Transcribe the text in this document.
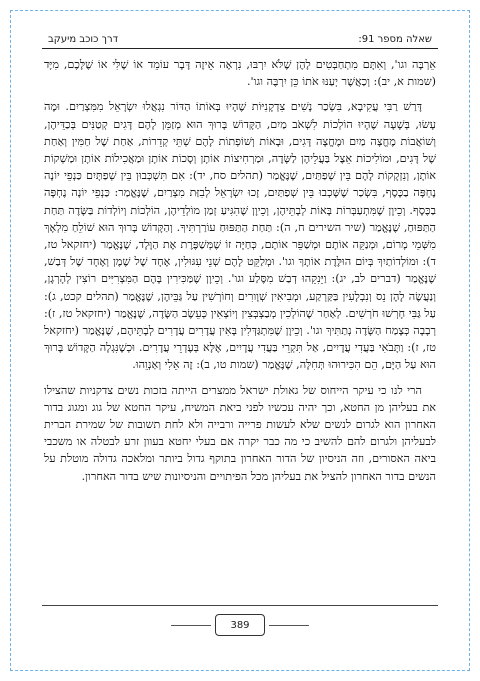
שאלה מספר 91:
דרך כוכב מיעקב

אֵרְבָּה וגו', וְאִתָּם מִתְחַבְּטִים לָהֶן שֶׁלֹּא יִרְבּוּ, נִרְאֶה אֵיזֶה דָּבָר עוֹמֵד אוֹ שֶׁלִּי אוֹ שֶׁלָּכֶם, מִיָּד (שמות א, יב): וְכַאֲשֶׁר יְעַנּוּ אֹתוֹ כֵּן יִרְבֶּה וגו'.

דָּרַשׁ רַבִּי עֲקִיבָא, בִּשְׂכַר נָשִׁים צִדְקָנִיּוֹת שֶׁהָיוּ בְּאוֹתוֹ הַדּוֹר נִגְאֲלוּ יִשְׂרָאֵל מִמִּצְרַיִם. וּמֶה עָשׂוּ, בְּשָׁעָה שֶׁהָיוּ הוֹלְכוֹת לִשְׁאֹב מַיִם, הַקָּדוֹשׁ בָּרוּךְ הוּא מְזַמֵּן לָהֶם דָּגִים קְטַנִּים בְּכַדֵּיהֶן, וְשׁוֹאֲבוֹת מֶחֱצָה מַיִם וּמֶחֱצָה דָּגִים, וּבָאוֹת וְשׁוֹפְתוֹת לָהֶם שְׁתֵּי קְדֵרוֹת, אַחַת שֶׁל חַמִּין וְאַחַת שֶׁל דָּגִים, וּמוֹלִיכוֹת אֵצֶל בַּעֲלֵיהֶן לַשָּׂדֶה, וּמַרְחִיצוֹת אוֹתָן וְסָכוֹת אוֹתָן וּמַאֲכִילוֹת אוֹתָן וּמַשְׁקוֹת אוֹתָן, וְנִזְקָקוֹת לָהֶם בֵּין שְׁפַתַּיִם, שֶׁנֶּאֱמַר (תהלים סח, יד): אִם תִּשְׁכְּבוּן בֵּין שְׁפַתָּיִם כַּנְפֵי יוֹנָה נֶחְפָּה בַכֶּסֶף, בִּשְׂכַר שֶׁשָּׁכְבוּ בֵּין שְׁפַתַּיִם, זָכוּ יִשְׂרָאֵל לְבִזַּת מִצְרַיִם, שֶׁנֶּאֱמַר: כַּנְפֵי יוֹנָה נֶחְפָּה בַכֶּסֶף. וְכֵיוָן שֶׁמִּתְעַבְּרוֹת בָּאוֹת לְבָתֵּיהֶן, וְכֵיוָן שֶׁהִגִּיעַ זְמַן מוֹלְדֵיהֶן, הוֹלְכוֹת וְיוֹלְדוֹת בַּשָּׂדֶה תַּחַת הַתַּפּוּחַ, שֶׁנֶּאֱמַר (שיר השירים ח, ה): תַּחַת הַתַּפּוּחַ עוֹרַרְתִּיךָ. וְהַקָּדוֹשׁ בָּרוּךְ הוּא שׁוֹלֵחַ מִלְאָךְ מִשְּׁמֵי מָרוֹם, וּמְנַקֵּה אוֹתָם וּמְשַׁפֵּר אוֹתָם, כְּחַיָּה זוֹ שֶׁמְּשַׁפֶּרֶת אֶת הַוָּלָד, שֶׁנֶּאֱמַר (יחזקאל טז, ד): וּמוֹלְדוֹתַיִךְ בְּיוֹם הוּלֶּדֶת אוֹתָךְ וגו'. וּמְלַקֵּט לָהֶם שְׁנֵי עִגּוּלִין, אֶחָד שֶׁל שֶׁמֶן וְאֶחָד שֶׁל דְּבַשׁ, שֶׁנֶּאֱמַר (דברים לב, יג): וַיֵּנִקֵהוּ דְבַשׁ מִסֶּלַע וגו'. וְכֵיוָן שֶׁמַּכִּירִין בָּהֶם הַמִּצְרִיִּים רוֹצִין לְהָרְגָן, וְנַעֲשֶׂה לָהֶן נֵס וְנִבְלָעִין בַּקַּרְקַע, וּמְבִיאִין שְׁוָורִים וְחוֹרְשִׁין עַל גַּבֵּיהֶן, שֶׁנֶּאֱמַר (תהלים קכט, ג): עַל גַּבִּי חָרְשׁוּ חֹרְשִׁים. לְאַחַר שֶׁהוֹלְכִין מְבַצְבְּצִין וְיוֹצְאִין כְּעֵשֶׂב הַשָּׂדֶה, שֶׁנֶּאֱמַר (יחזקאל טז, ז): רְבָבָה כְּצֶמַח הַשָּׂדֶה נְתַתִּיךְ וגו'. וְכֵיוָן שֶׁמִּתְגַּדְּלִין בָּאִין עֲדָרִים עֲדָרִים לְבָתֵּיהֶם, שֶׁנֶּאֱמַר (יחזקאל טז, ז): וַתָּבֹאִי בַּעֲדִי עֲדָיִים, אַל תִּקְרֵי בַּעֲדִי עֲדָיִים, אֶלָּא בְּעֶדְרֵי עֲדָרִים. וּכְשֶׁנִּגְלָה הַקָּדוֹשׁ בָּרוּךְ הוּא עַל הַיָּם, הֵם הִכִּירוּהוּ תְּחִלָּה, שֶׁנֶּאֱמַר (שמות טו, ב): זֶה אֵלִי וְאַנְוֵהוּ.

הרי לנו כי עיקר הייחוס של גאולת ישראל ממצרים הייתה בזכות נשים צדקניות שהצילו את בעליהן מן החטא, וכך יהיה עכשיו לפני ביאת המשיח, עיקר החטא של גוג ומגוג בדור האחרון הוא לגרום לנשים שלא לעשות פרייה ורבייה ולא לחת תשובות של שמירת הברית לבעליהן ולגרום להם להשיב כי מה כבר יקרה אם בעלי יחטא בעוון זרע לבטלה או משכבי ביאה האסורים, וזה הניסיון של הדור האחרון בתוקף גדול ביותר ומלאכה גדולה מוטלת על הנשים בדור האחרון להציל את בעליהן מכל הפיתויים והניסיונות שיש בדור האחרון.

389
